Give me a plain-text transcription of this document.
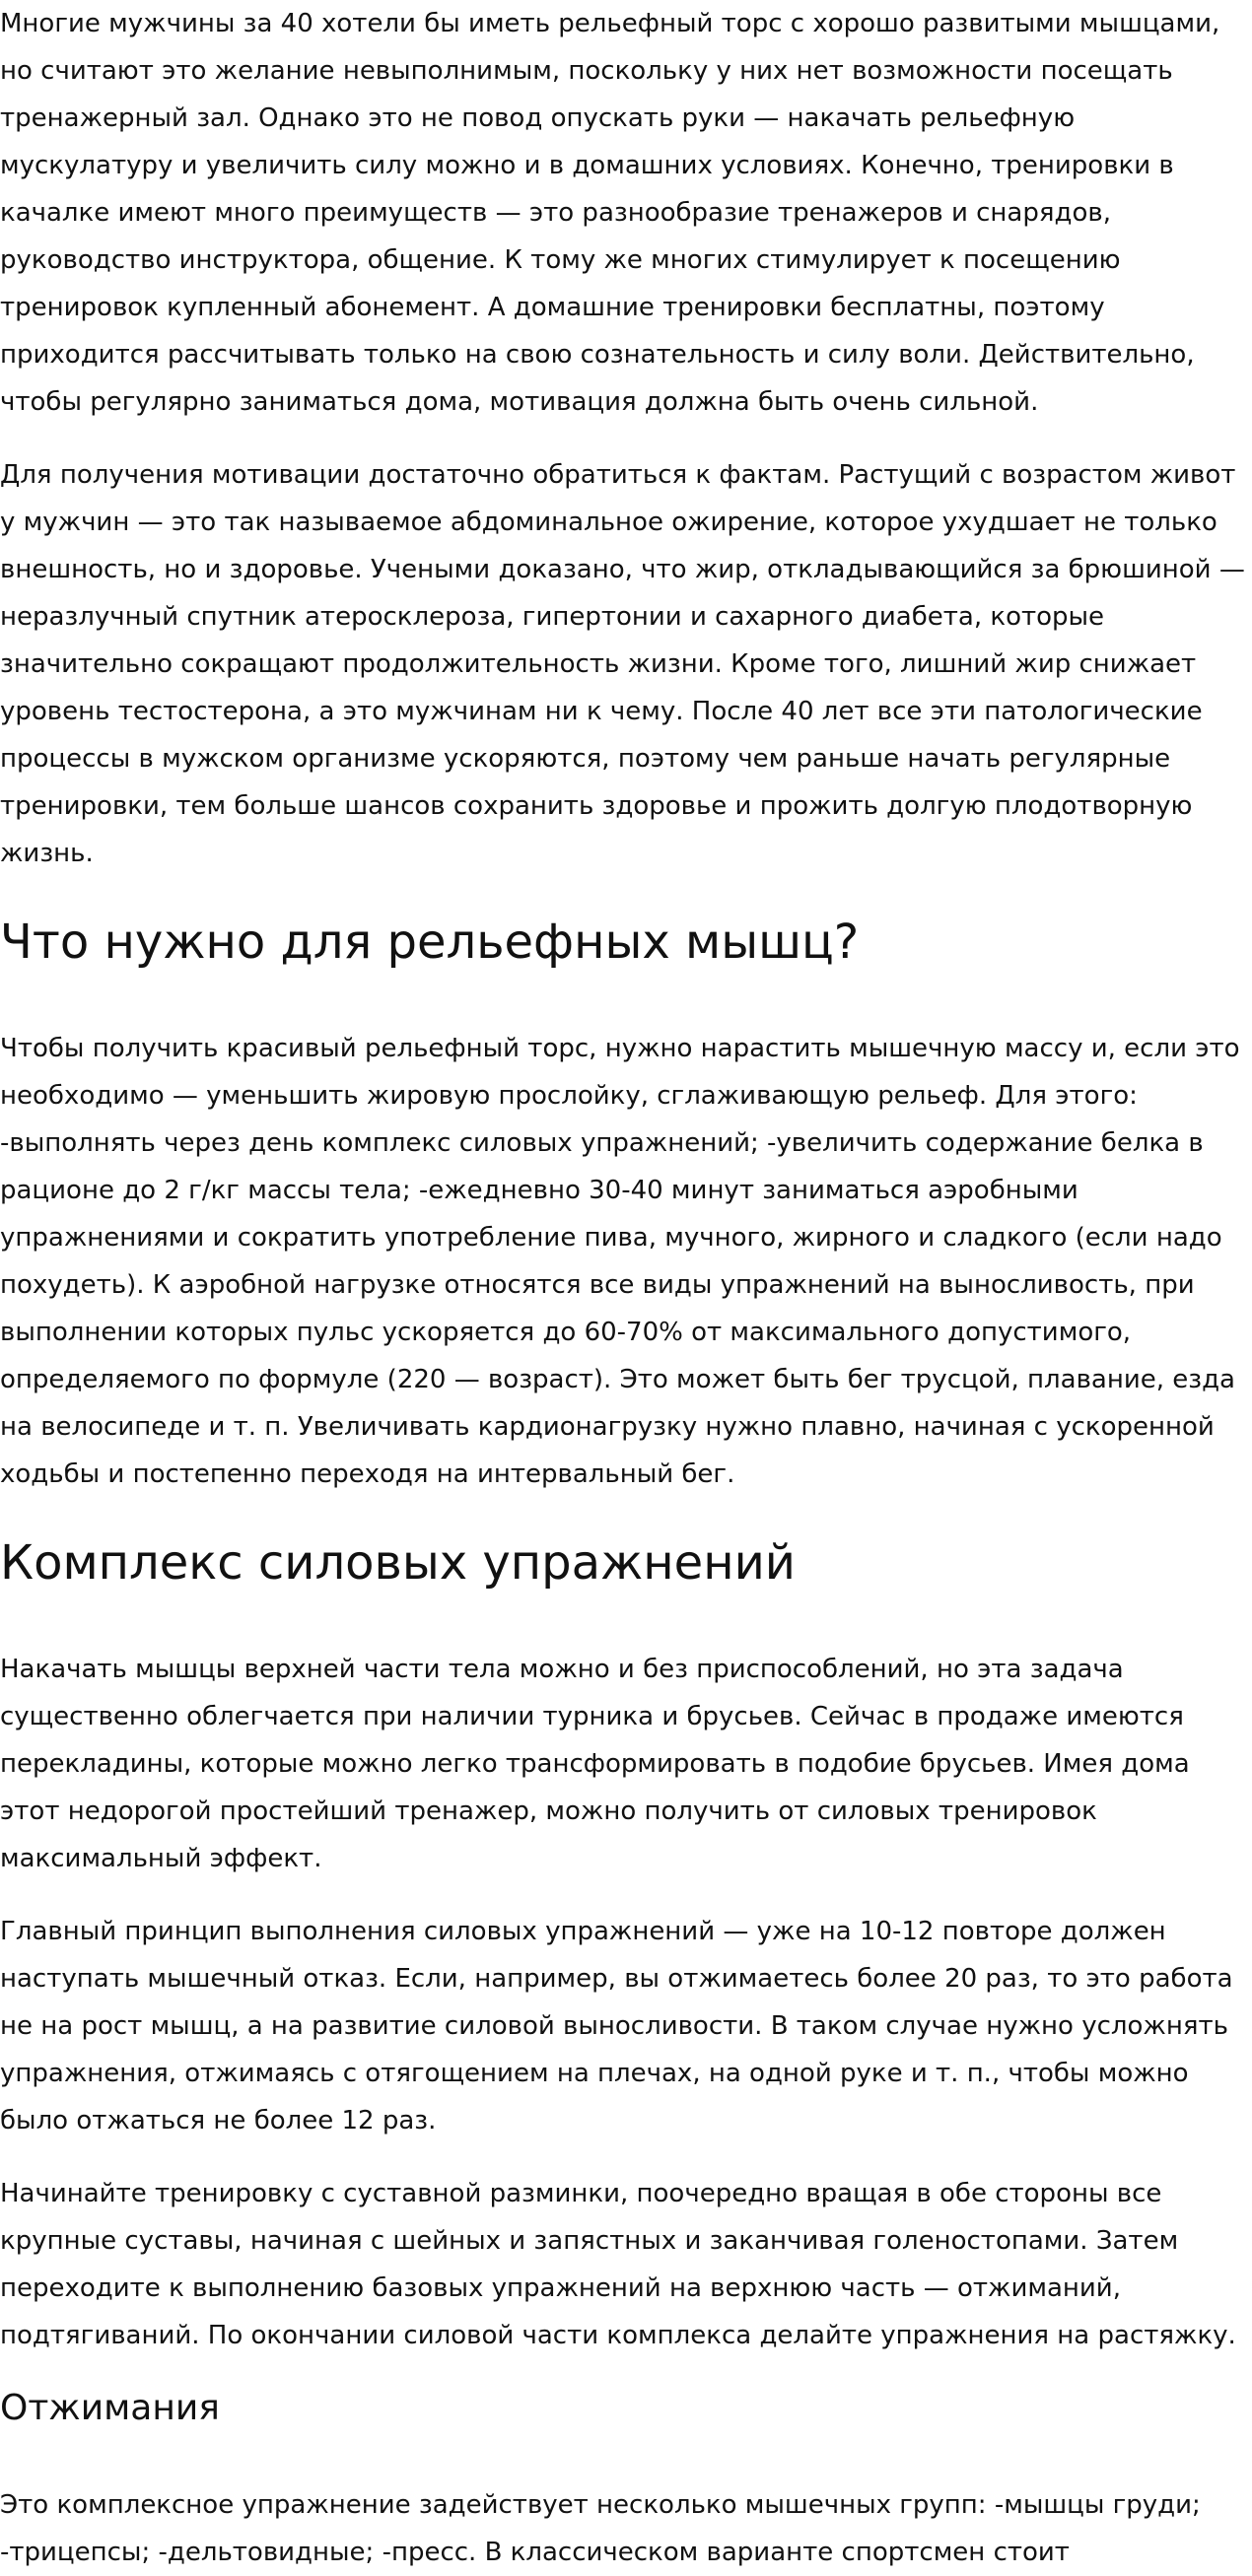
Многие мужчины за 40 хотели бы иметь рельефный торс с хорошо развитыми мышцами, но считают это желание невыполнимым, поскольку у них нет возможности посещать тренажерный зал. Однако это не повод опускать руки — накачать рельефную мускулатуру и увеличить силу можно и в домашних условиях. Конечно, тренировки в качалке имеют много преимуществ — это разнообразие тренажеров и снарядов, руководство инструктора, общение. К тому же многих стимулирует к посещению тренировок купленный абонемент. А домашние тренировки бесплатны, поэтому приходится рассчитывать только на свою сознательность и силу воли. Действительно, чтобы регулярно заниматься дома, мотивация должна быть очень сильной.

Для получения мотивации достаточно обратиться к фактам. Растущий с возрастом живот у мужчин — это так называемое абдоминальное ожирение, которое ухудшает не только внешность, но и здоровье. Учеными доказано, что жир, откладывающийся за брюшиной — неразлучный спутник атеросклероза, гипертонии и сахарного диабета, которые значительно сокращают продолжительность жизни. Кроме того, лишний жир снижает уровень тестостерона, а это мужчинам ни к чему. После 40 лет все эти патологические процессы в мужском организме ускоряются, поэтому чем раньше начать регулярные тренировки, тем больше шансов сохранить здоровье и прожить долгую плодотворную жизнь.

Что нужно для рельефных мышц?

Чтобы получить красивый рельефный торс, нужно нарастить мышечную массу и, если это необходимо — уменьшить жировую прослойку, сглаживающую рельеф. Для этого: -выполнять через день комплекс силовых упражнений; -увеличить содержание белка в рационе до 2 г/кг массы тела; -ежедневно 30-40 минут заниматься аэробными упражнениями и сократить употребление пива, мучного, жирного и сладкого (если надо похудеть). К аэробной нагрузке относятся все виды упражнений на выносливость, при выполнении которых пульс ускоряется до 60-70% от максимального допустимого, определяемого по формуле (220 — возраст). Это может быть бег трусцой, плавание, езда на велосипеде и т. п. Увеличивать кардионагрузку нужно плавно, начиная с ускоренной ходьбы и постепенно переходя на интервальный бег.

Комплекс силовых упражнений

Накачать мышцы верхней части тела можно и без приспособлений, но эта задача существенно облегчается при наличии турника и брусьев. Сейчас в продаже имеются перекладины, которые можно легко трансформировать в подобие брусьев. Имея дома этот недорогой простейший тренажер, можно получить от силовых тренировок максимальный эффект.

Главный принцип выполнения силовых упражнений — уже на 10-12 повторе должен наступать мышечный отказ. Если, например, вы отжимаетесь более 20 раз, то это работа не на рост мышц, а на развитие силовой выносливости. В таком случае нужно усложнять упражнения, отжимаясь с отягощением на плечах, на одной руке и т. п., чтобы можно было отжаться не более 12 раз.

Начинайте тренировку с суставной разминки, поочередно вращая в обе стороны все крупные суставы, начиная с шейных и запястных и заканчивая голеностопами. Затем переходите к выполнению базовых упражнений на верхнюю часть — отжиманий, подтягиваний. По окончании силовой части комплекса делайте упражнения на растяжку.

Отжимания

Это комплексное упражнение задействует несколько мышечных групп: -мышцы груди; -трицепсы; -дельтовидные; -пресс. В классическом варианте спортсмен стоит
